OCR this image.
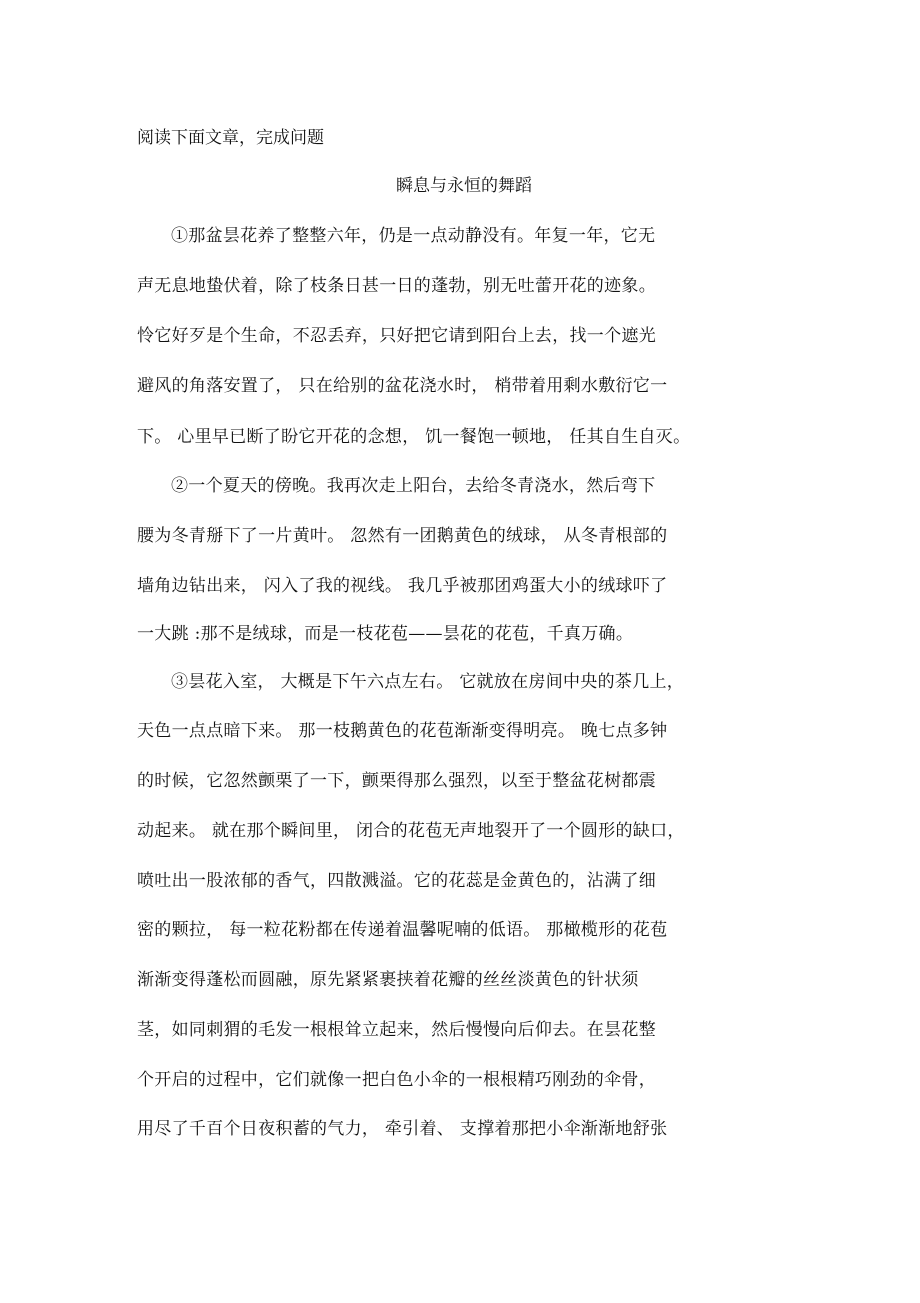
阅读下面文章，完成问题
瞬息与永恒的舞蹈
①那盆昙花养了整整六年，仍是一点动静没有。年复一年，它无
声无息地蛰伏着，除了枝条日甚一日的蓬勃，别无吐蕾开花的迹象。
怜它好歹是个生命，不忍丢弃，只好把它请到阳台上去，找一个遮光
避风的角落安置了， 只在给别的盆花浇水时， 梢带着用剩水敷衍它一
下。 心里早已断了盼它开花的念想， 饥一餐饱一顿地， 任其自生自灭。
②一个夏天的傍晚。我再次走上阳台，去给冬青浇水，然后弯下
腰为冬青掰下了一片黄叶。 忽然有一团鹅黄色的绒球， 从冬青根部的
墙角边钻出来， 闪入了我的视线。 我几乎被那团鸡蛋大小的绒球吓了
一大跳 :那不是绒球，而是一枝花苞——昙花的花苞，千真万确。
③昙花入室， 大概是下午六点左右。 它就放在房间中央的茶几上，
天色一点点暗下来。 那一枝鹅黄色的花苞渐渐变得明亮。 晚七点多钟
的时候，它忽然颤栗了一下，颤栗得那么强烈，以至于整盆花树都震
动起来。 就在那个瞬间里， 闭合的花苞无声地裂开了一个圆形的缺口，
喷吐出一股浓郁的香气，四散溅溢。它的花蕊是金黄色的，沾满了细
密的颗拉， 每一粒花粉都在传递着温馨呢喃的低语。 那橄榄形的花苞
渐渐变得蓬松而圆融，原先紧紧裹挟着花瓣的丝丝淡黄色的针状须
茎，如同刺猬的毛发一根根耸立起来，然后慢慢向后仰去。在昙花整
个开启的过程中，它们就像一把白色小伞的一根根精巧刚劲的伞骨，
用尽了千百个日夜积蓄的气力， 牵引着、 支撑着那把小伞渐渐地舒张
